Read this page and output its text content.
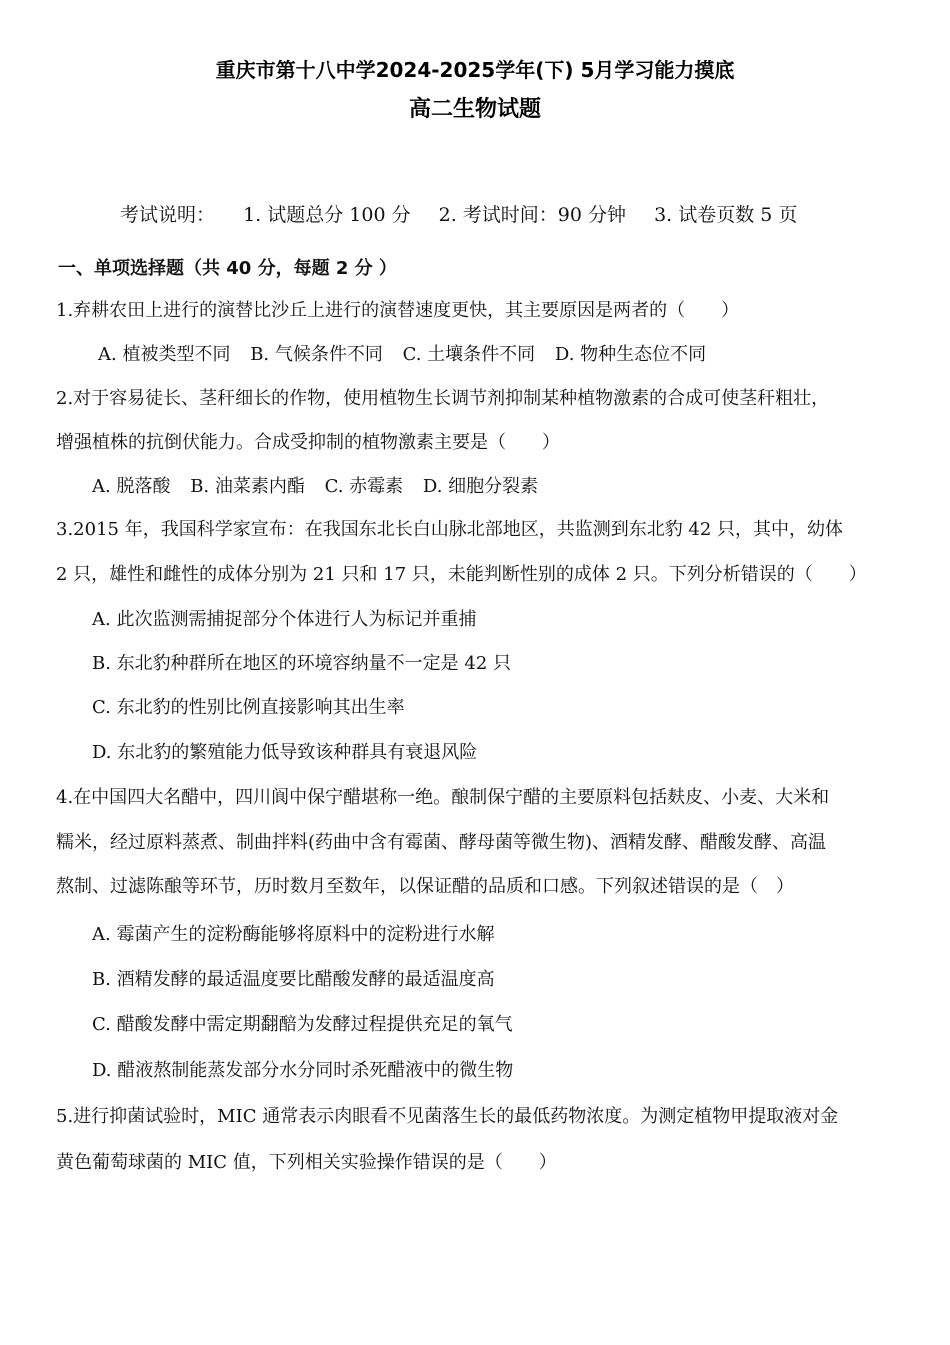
重庆市第十八中学2024-2025学年(下) 5月学习能力摸底
高二生物试题
考试说明： 1. 试题总分 100 分 2. 考试时间：90 分钟 3. 试卷页数 5 页
一、单项选择题（共 40 分，每题 2 分 ）
1.弃耕农田上进行的演替比沙丘上进行的演替速度更快，其主要原因是两者的（　　）
A. 植被类型不同 B. 气候条件不同 C. 土壤条件不同 D. 物种生态位不同
2.对于容易徒长、茎秆细长的作物，使用植物生长调节剂抑制某种植物激素的合成可使茎秆粗壮，
增强植株的抗倒伏能力。合成受抑制的植物激素主要是（　　）
A. 脱落酸 B. 油菜素内酯 C. 赤霉素 D. 细胞分裂素
3.2015 年，我国科学家宣布：在我国东北长白山脉北部地区，共监测到东北豹 42 只，其中，幼体
2 只，雄性和雌性的成体分别为 21 只和 17 只，未能判断性别的成体 2 只。下列分析错误的（　　）
A. 此次监测需捕捉部分个体进行人为标记并重捕
B. 东北豹种群所在地区的环境容纳量不一定是 42 只
C. 东北豹的性别比例直接影响其出生率
D. 东北豹的繁殖能力低导致该种群具有衰退风险
4.在中国四大名醋中，四川阆中保宁醋堪称一绝。酿制保宁醋的主要原料包括麸皮、小麦、大米和
糯米，经过原料蒸煮、制曲拌料(药曲中含有霉菌、酵母菌等微生物)、酒精发酵、醋酸发酵、高温
熬制、过滤陈酿等环节，历时数月至数年，以保证醋的品质和口感。下列叙述错误的是（　）
A. 霉菌产生的淀粉酶能够将原料中的淀粉进行水解
B. 酒精发酵的最适温度要比醋酸发酵的最适温度高
C. 醋酸发酵中需定期翻醅为发酵过程提供充足的氧气
D. 醋液熬制能蒸发部分水分同时杀死醋液中的微生物
5.进行抑菌试验时，MIC 通常表示肉眼看不见菌落生长的最低药物浓度。为测定植物甲提取液对金
黄色葡萄球菌的 MIC 值，下列相关实验操作错误的是（　　）
